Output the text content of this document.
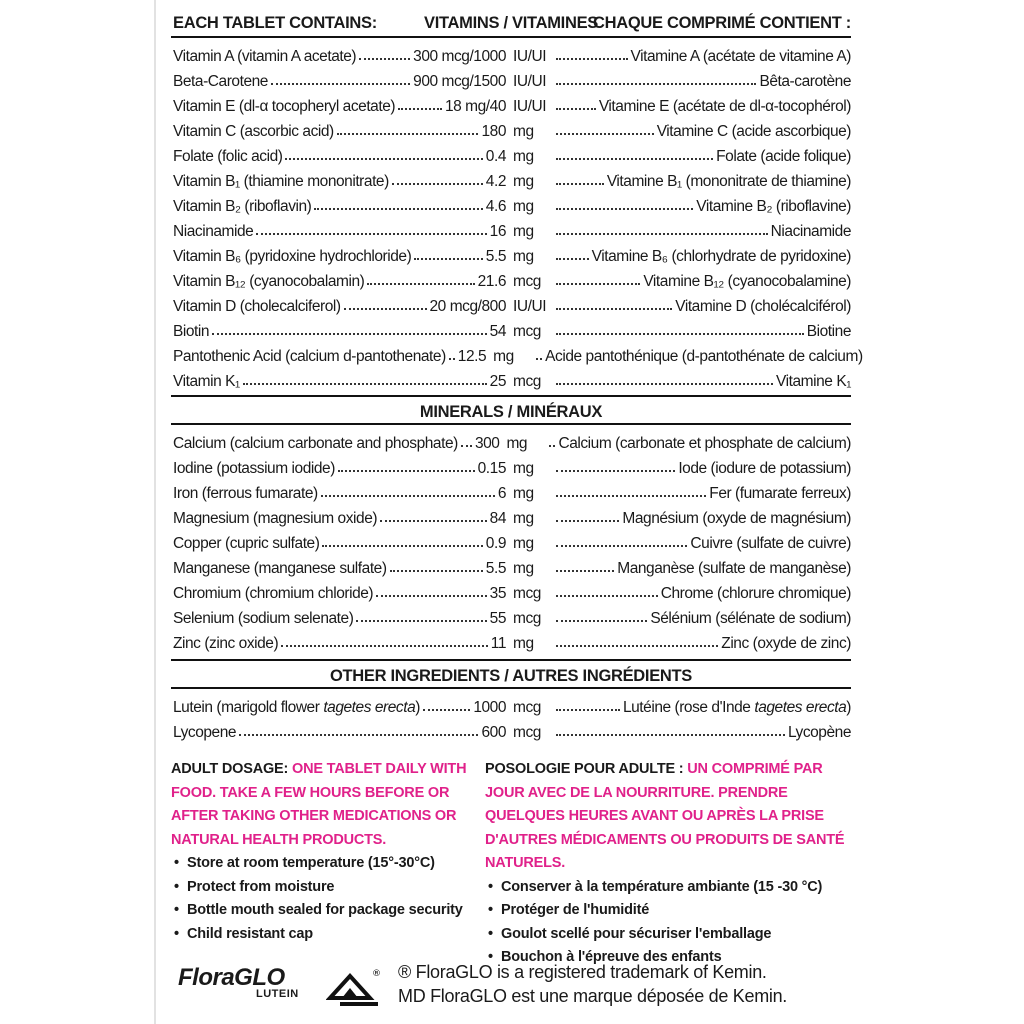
EACH TABLET CONTAINS:	VITAMINS / VITAMINES
CHAQUE COMPRIMÉ CONTIENT :
Vitamin A (vitamin A acetate)	300 mcg/1000 IU/UI	Vitamine A (acétate de vitamine A)
Beta-Carotene	900 mcg/1500 IU/UI	Bêta-carotène
Vitamin E (dl-α tocopheryl acetate)	18 mg/40 IU/UI	Vitamine E (acétate de dl-α-tocophérol)
Vitamin C (ascorbic acid)	180 mg	Vitamine C (acide ascorbique)
Folate (folic acid)	0.4 mg	Folate (acide folique)
Vitamin B₁ (thiamine mononitrate)	4.2 mg	Vitamine B₁ (mononitrate de thiamine)
Vitamin B₂ (riboflavin)	4.6 mg	Vitamine B₂ (riboflavine)
Niacinamide	16 mg	Niacinamide
Vitamin B₆ (pyridoxine hydrochloride)	5.5 mg	Vitamine B₆ (chlorhydrate de pyridoxine)
Vitamin B₁₂ (cyanocobalamin)	21.6 mcg	Vitamine B₁₂ (cyanocobalamine)
Vitamin D (cholecalciferol)	20 mcg/800 IU/UI	Vitamine D (cholécalciférol)
Biotin	54 mcg	Biotine
Pantothenic Acid (calcium d-pantothenate) 12.5 mg	Acide pantothénique (d-pantothénate de calcium)
Vitamin K₁	25 mcg	Vitamine K₁
MINERALS / MINÉRAUX
Calcium (calcium carbonate and phosphate) 300 mg	Calcium (carbonate et phosphate de calcium)
Iodine (potassium iodide)	0.15 mg	Iode (iodure de potassium)
Iron (ferrous fumarate)	6 mg	Fer (fumarate ferreux)
Magnesium (magnesium oxide)	84 mg	Magnésium (oxyde de magnésium)
Copper (cupric sulfate)	0.9 mg	Cuivre (sulfate de cuivre)
Manganese (manganese sulfate)	5.5 mg	Manganèse (sulfate de manganèse)
Chromium (chromium chloride)	35 mcg	Chrome (chlorure chromique)
Selenium (sodium selenate)	55 mcg	Sélénium (sélénate de sodium)
Zinc (zinc oxide)	11 mg	Zinc (oxyde de zinc)
OTHER INGREDIENTS / AUTRES INGRÉDIENTS
Lutein (marigold flower tagetes erecta)	1000 mcg	Lutéine (rose d'Inde tagetes erecta)
Lycopene	600 mcg	Lycopène
ADULT DOSAGE: ONE TABLET DAILY WITH FOOD. TAKE A FEW HOURS BEFORE OR AFTER TAKING OTHER MEDICATIONS OR NATURAL HEALTH PRODUCTS.
• Store at room temperature (15°-30°C)
• Protect from moisture
• Bottle mouth sealed for package security
• Child resistant cap
POSOLOGIE POUR ADULTE : UN COMPRIMÉ PAR JOUR AVEC DE LA NOURRITURE. PRENDRE QUELQUES HEURES AVANT OU APRÈS LA PRISE D'AUTRES MÉDICAMENTS OU PRODUITS DE SANTÉ NATURELS.
• Conserver à la température ambiante (15 -30 °C)
• Protéger de l'humidité
• Goulot scellé pour sécuriser l'emballage
• Bouchon à l'épreuve des enfants
FloraGLO
LUTEIN
® ® FloraGLO is a registered trademark of Kemin.
MD FloraGLO est une marque déposée de Kemin.
